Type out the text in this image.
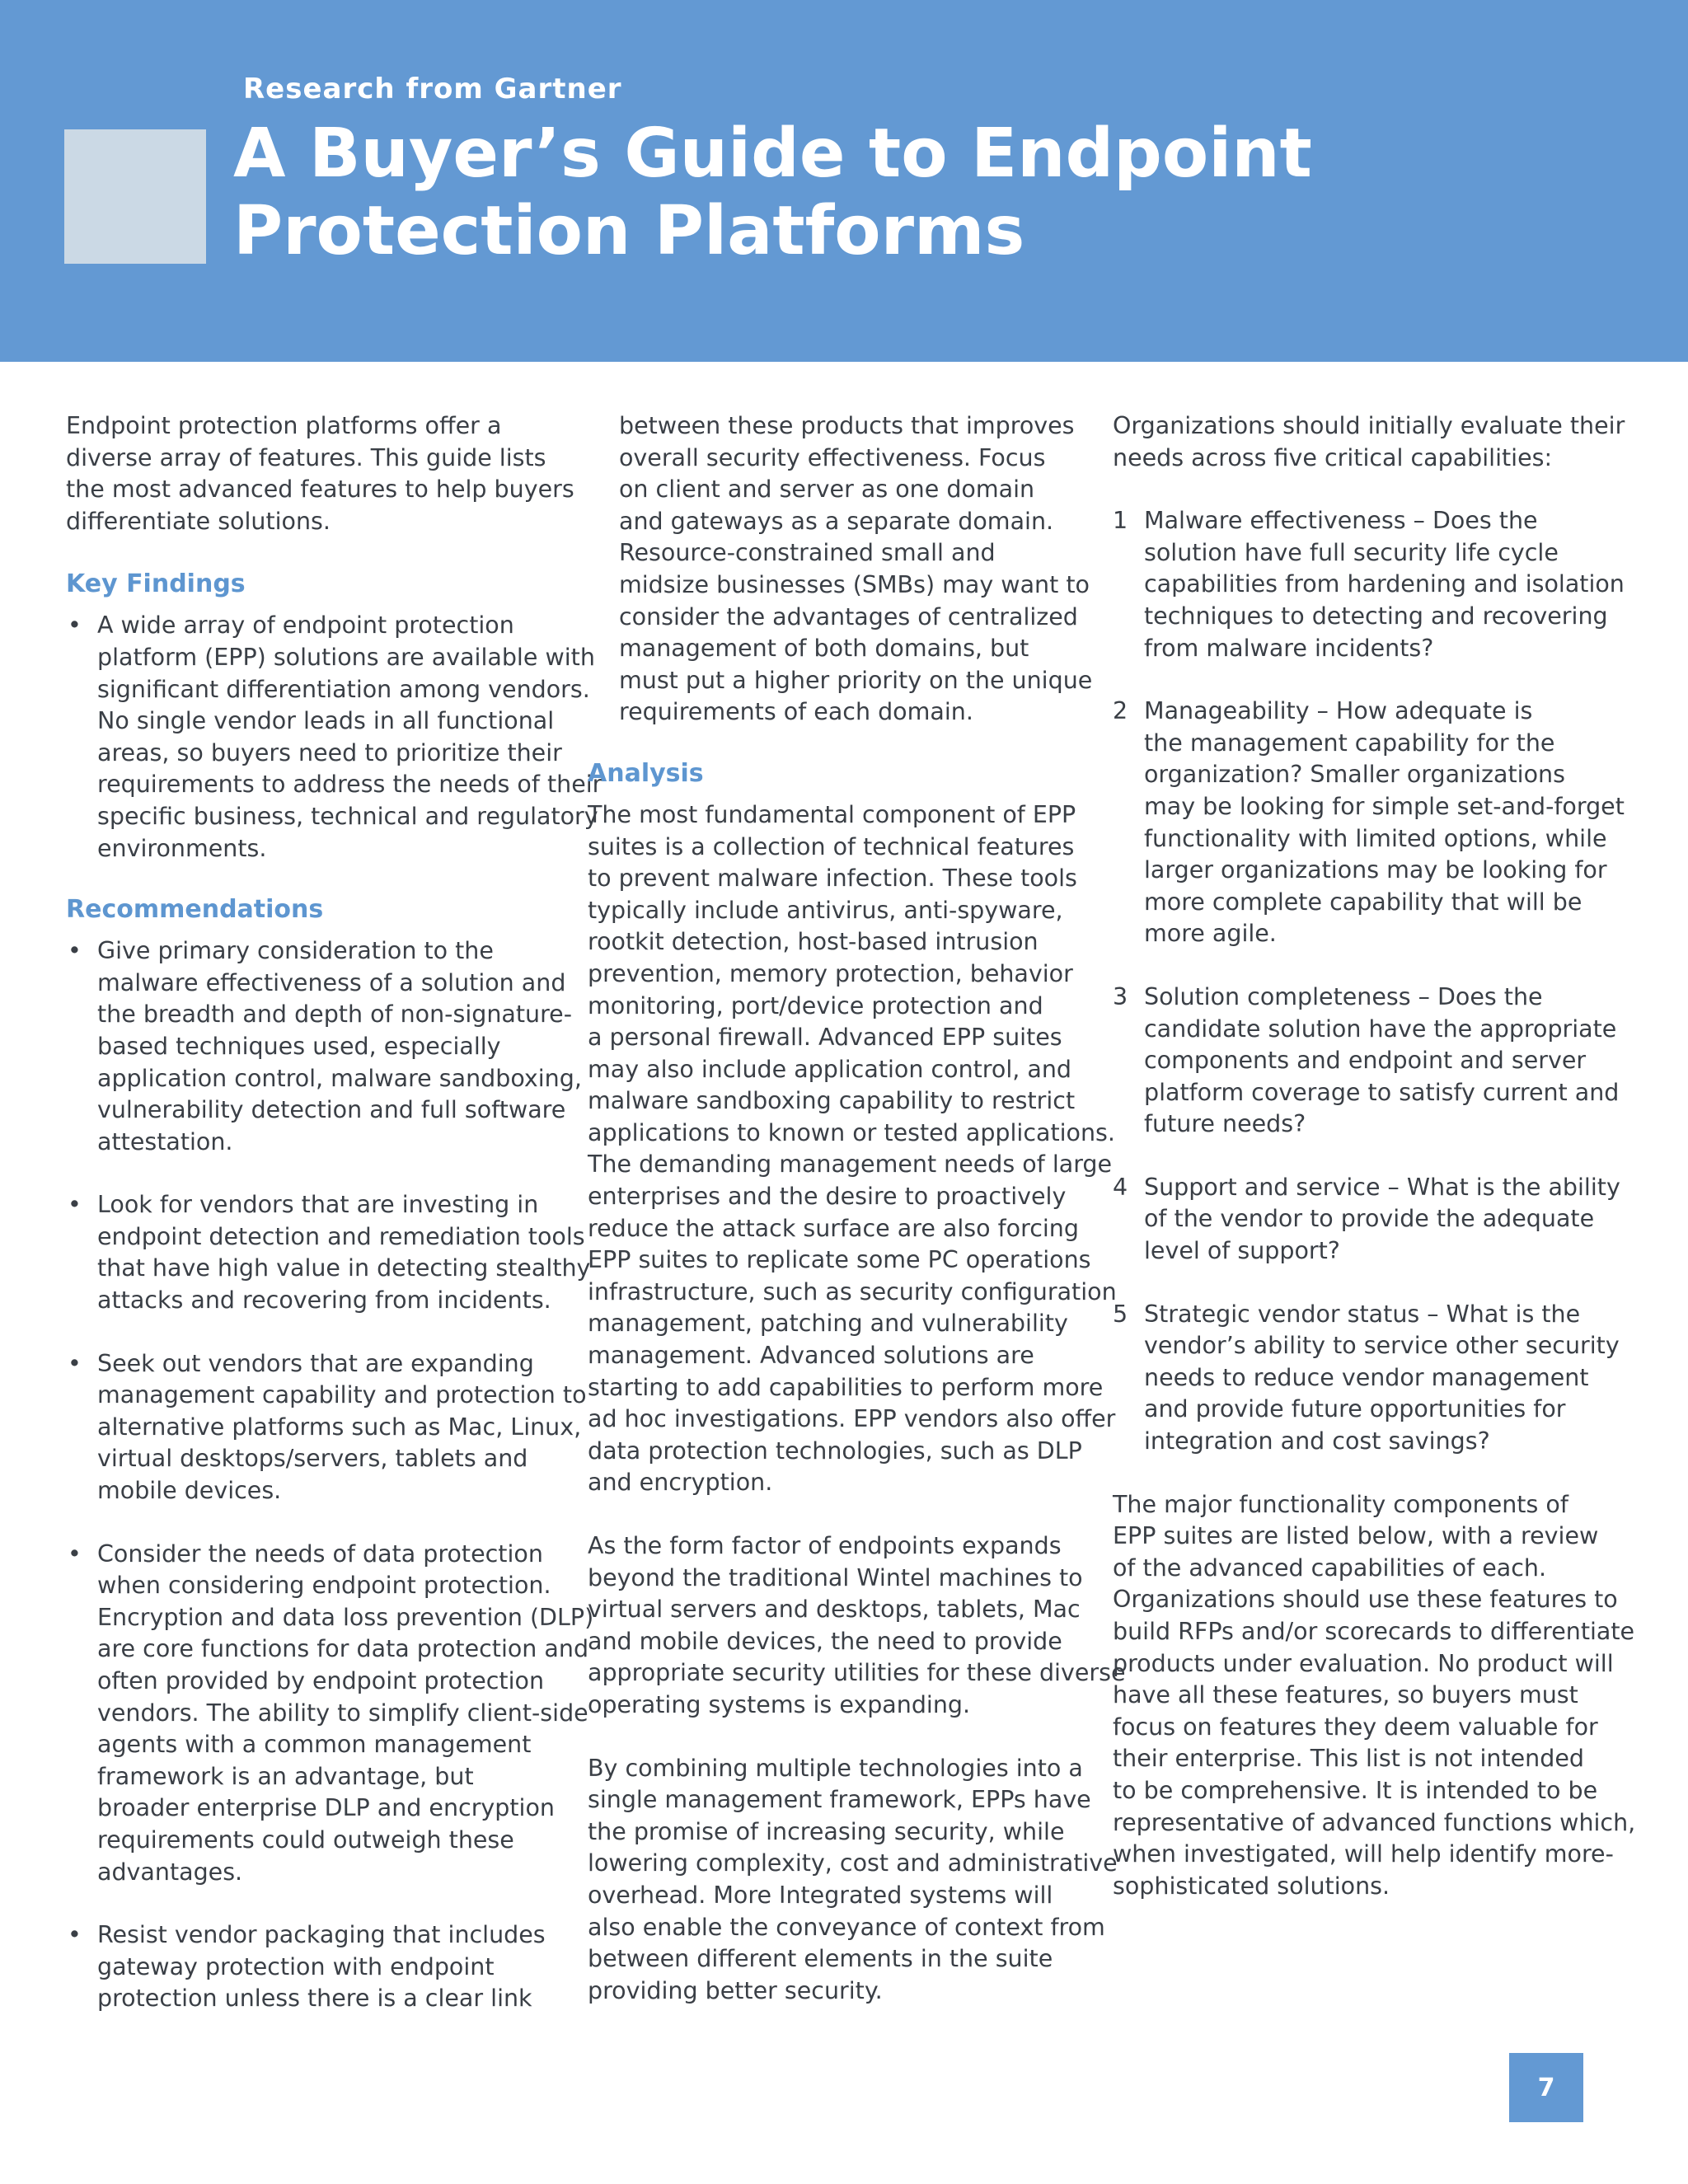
Research from Gartner
A Buyer’s Guide to Endpoint
Protection Platforms

Endpoint protection platforms offer a
diverse array of features. This guide lists
the most advanced features to help buyers
differentiate solutions.

Key Findings
• A wide array of endpoint protection
platform (EPP) solutions are available with
significant differentiation among vendors.
No single vendor leads in all functional
areas, so buyers need to prioritize their
requirements to address the needs of their
specific business, technical and regulatory
environments.
Recommendations
• Give primary consideration to the
malware effectiveness of a solution and
the breadth and depth of non-signature-
based techniques used, especially
application control, malware sandboxing,
vulnerability detection and full software
attestation.
• Look for vendors that are investing in
endpoint detection and remediation tools
that have high value in detecting stealthy
attacks and recovering from incidents.
• Seek out vendors that are expanding
management capability and protection to
alternative platforms such as Mac, Linux,
virtual desktops/servers, tablets and
mobile devices.
• Consider the needs of data protection
when considering endpoint protection.
Encryption and data loss prevention (DLP)
are core functions for data protection and
often provided by endpoint protection
vendors. The ability to simplify client-side
agents with a common management
framework is an advantage, but
broader enterprise DLP and encryption
requirements could outweigh these
advantages.
• Resist vendor packaging that includes
gateway protection with endpoint
protection unless there is a clear link

between these products that improves
overall security effectiveness. Focus
on client and server as one domain
and gateways as a separate domain.
Resource-constrained small and
midsize businesses (SMBs) may want to
consider the advantages of centralized
management of both domains, but
must put a higher priority on the unique
requirements of each domain.

Analysis

The most fundamental component of EPP
suites is a collection of technical features
to prevent malware infection. These tools
typically include antivirus, anti-spyware,
rootkit detection, host-based intrusion
prevention, memory protection, behavior
monitoring, port/device protection and
a personal firewall. Advanced EPP suites
may also include application control, and
malware sandboxing capability to restrict
applications to known or tested applications.
The demanding management needs of large
enterprises and the desire to proactively
reduce the attack surface are also forcing
EPP suites to replicate some PC operations
infrastructure, such as security configuration
management, patching and vulnerability
management. Advanced solutions are
starting to add capabilities to perform more
ad hoc investigations. EPP vendors also offer
data protection technologies, such as DLP
and encryption.

As the form factor of endpoints expands
beyond the traditional Wintel machines to
virtual servers and desktops, tablets, Mac
and mobile devices, the need to provide
appropriate security utilities for these diverse
operating systems is expanding.

By combining multiple technologies into a
single management framework, EPPs have
the promise of increasing security, while
lowering complexity, cost and administrative
overhead. More Integrated systems will
also enable the conveyance of context from
between different elements in the suite
providing better security.

Organizations should initially evaluate their
needs across five critical capabilities:

1 Malware effectiveness – Does the
solution have full security life cycle
capabilities from hardening and isolation
techniques to detecting and recovering
from malware incidents?
2 Manageability – How adequate is
the management capability for the
organization? Smaller organizations
may be looking for simple set-and-forget
functionality with limited options, while
larger organizations may be looking for
more complete capability that will be
more agile.
3 Solution completeness – Does the
candidate solution have the appropriate
components and endpoint and server
platform coverage to satisfy current and
future needs?
4 Support and service – What is the ability
of the vendor to provide the adequate
level of support?
5 Strategic vendor status – What is the
vendor’s ability to service other security
needs to reduce vendor management
and provide future opportunities for
integration and cost savings?

The major functionality components of
EPP suites are listed below, with a review
of the advanced capabilities of each.
Organizations should use these features to
build RFPs and/or scorecards to differentiate
products under evaluation. No product will
have all these features, so buyers must
focus on features they deem valuable for
their enterprise. This list is not intended
to be comprehensive. It is intended to be
representative of advanced functions which,
when investigated, will help identify more-
sophisticated solutions.

7
